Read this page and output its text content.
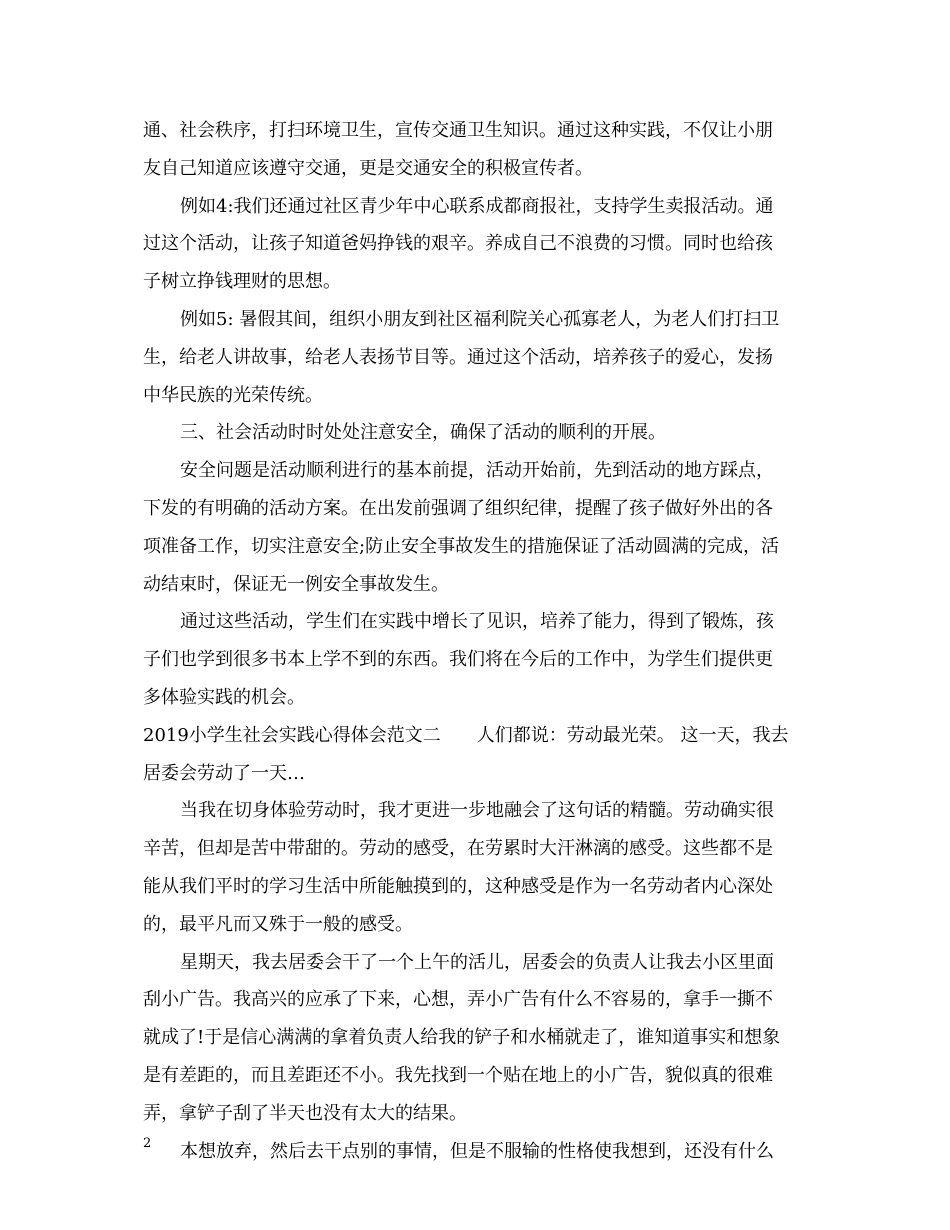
通、社会秩序，打扫环境卫生，宣传交通卫生知识。通过这种实践，不仅让小朋
友自己知道应该遵守交通，更是交通安全的积极宣传者。
例如4:我们还通过社区青少年中心联系成都商报社，支持学生卖报活动。通
过这个活动，让孩子知道爸妈挣钱的艰辛。养成自己不浪费的习惯。同时也给孩
子树立挣钱理财的思想。
例如5: 暑假其间，组织小朋友到社区福利院关心孤寡老人，为老人们打扫卫
生，给老人讲故事，给老人表扬节目等。通过这个活动，培养孩子的爱心，发扬
中华民族的光荣传统。
三、社会活动时时处处注意安全，确保了活动的顺利的开展。
安全问题是活动顺利进行的基本前提，活动开始前，先到活动的地方踩点，
下发的有明确的活动方案。在出发前强调了组织纪律，提醒了孩子做好外出的各
项准备工作，切实注意安全;防止安全事故发生的措施保证了活动圆满的完成，活
动结束时，保证无一例安全事故发生。
通过这些活动，学生们在实践中增长了见识，培养了能力，得到了锻炼，孩
子们也学到很多书本上学不到的东西。我们将在今后的工作中，为学生们提供更
多体验实践的机会。
2019小学生社会实践心得体会范文二　　人们都说：劳动最光荣。 这一天，我去
居委会劳动了一天…
当我在切身体验劳动时，我才更进一步地融会了这句话的精髓。劳动确实很
辛苦，但却是苦中带甜的。劳动的感受，在劳累时大汗淋漓的感受。这些都不是
能从我们平时的学习生活中所能触摸到的，这种感受是作为一名劳动者内心深处
的，最平凡而又殊于一般的感受。
星期天，我去居委会干了一个上午的活儿，居委会的负责人让我去小区里面
刮小广告。我高兴的应承了下来，心想，弄小广告有什么不容易的，拿手一撕不
就成了!于是信心满满的拿着负责人给我的铲子和水桶就走了，谁知道事实和想象
是有差距的，而且差距还不小。我先找到一个贴在地上的小广告，貌似真的很难
弄，拿铲子刮了半天也没有太大的结果。
本想放弃，然后去干点别的事情，但是不服输的性格使我想到，还没有什么
2
